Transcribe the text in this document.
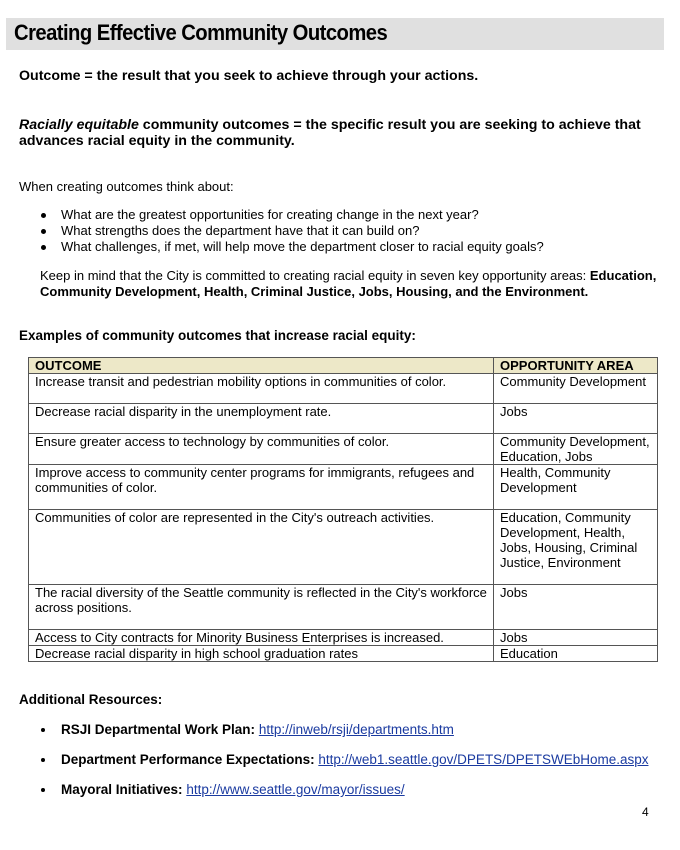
Creating Effective Community Outcomes
Outcome = the result that you seek to achieve through your actions.
Racially equitable community outcomes = the specific result you are seeking to achieve that advances racial equity in the community.
When creating outcomes think about:
What are the greatest opportunities for creating change in the next year?
What strengths does the department have that it can build on?
What challenges, if met, will help move the department closer to racial equity goals?
Keep in mind that the City is committed to creating racial equity in seven key opportunity areas: Education, Community Development, Health, Criminal Justice, Jobs, Housing, and the Environment.
Examples of community outcomes that increase racial equity:
OUTCOME	OPPORTUNITY AREA
Increase transit and pedestrian mobility options in communities of color.	Community Development
Decrease racial disparity in the unemployment rate.	Jobs
Ensure greater access to technology by communities of color.	Community Development, Education, Jobs
Improve access to community center programs for immigrants, refugees and communities of color.	Health, Community Development
Communities of color are represented in the City's outreach activities.	Education, Community Development, Health, Jobs, Housing, Criminal Justice, Environment
The racial diversity of the Seattle community is reflected in the City's workforce across positions.	Jobs
Access to City contracts for Minority Business Enterprises is increased.	Jobs
Decrease racial disparity in high school graduation rates	Education
Additional Resources:
RSJI Departmental Work Plan: http://inweb/rsji/departments.htm
Department Performance Expectations: http://web1.seattle.gov/DPETS/DPETSWEbHome.aspx
Mayoral Initiatives: http://www.seattle.gov/mayor/issues/
4
